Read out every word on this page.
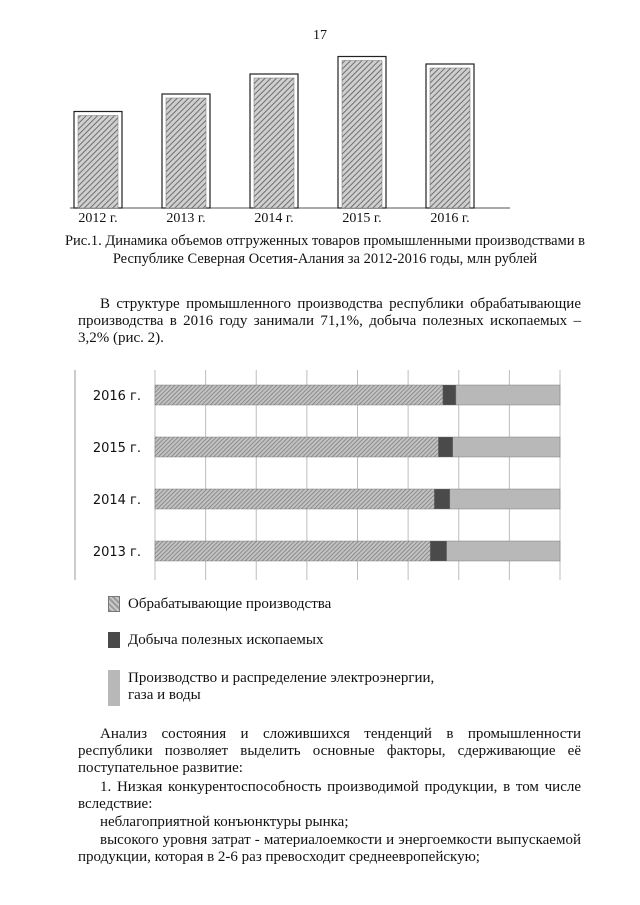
17
2012 г.	2013 г.	2014 г.	2015 г.	2016 г.
Рис.1. Динамика объемов отгруженных товаров промышленными производствами в Республике Северная Осетия-Алания за 2012-2016 годы, млн рублей
В структуре промышленного производства республики обрабатывающие производства в 2016 году занимали 71,1%, добыча полезных ископаемых – 3,2% (рис. 2).
2016 г.
2015 г.
2014 г.
2013 г.
Обрабатывающие производства
Добыча полезных ископаемых
Производство и распределение электроэнергии, газа и воды
Анализ состояния и сложившихся тенденций в промышленности республики позволяет выделить основные факторы, сдерживающие её поступательное развитие:
1. Низкая конкурентоспособность производимой продукции, в том числе вследствие:
неблагоприятной конъюнктуры рынка;
высокого уровня затрат - материалоемкости и энергоемкости выпускаемой продукции, которая в 2-6 раз превосходит среднеевропейскую;
